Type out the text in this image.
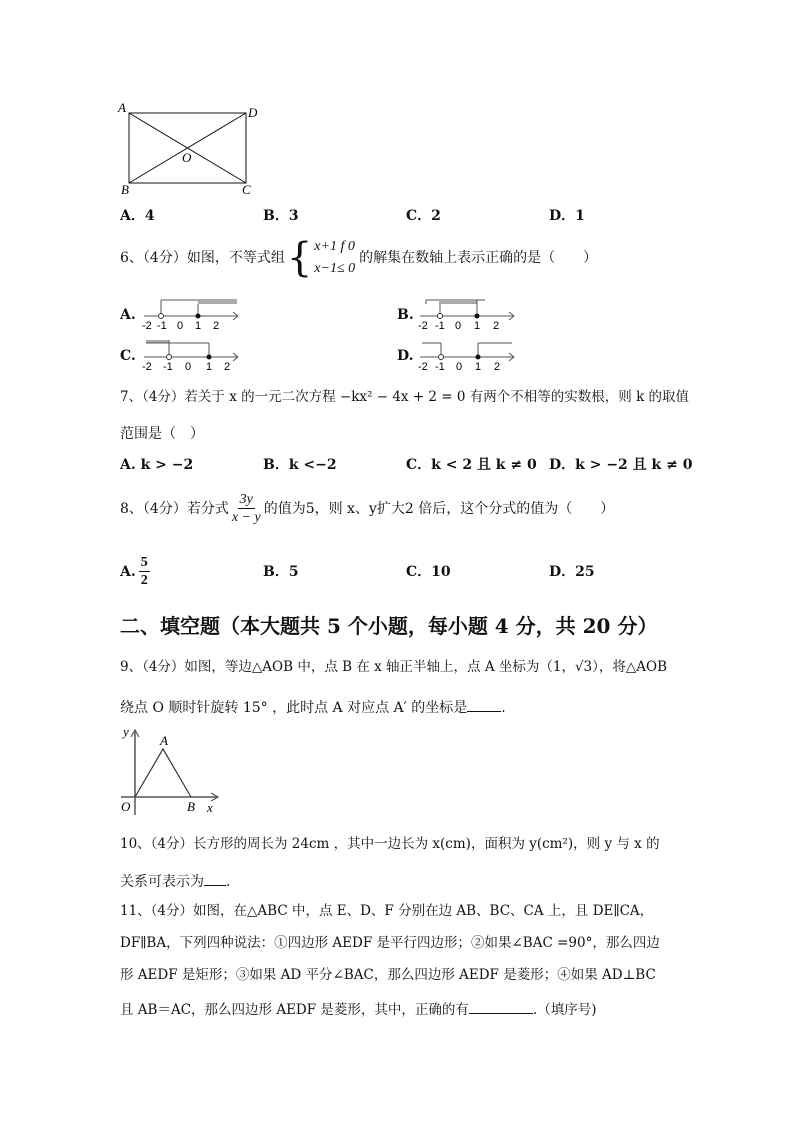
A	D
O
B	C
A．4	B．3	C．2	D．1
6、（4分）如图，不等式组 { x+1 f 0
x−1≤ 0
的解集在数轴上表示正确的是（　　）
A.	B.
C.	D.
-2 -1 0 1 2	-2 -1 0 1 2
-2 -1 0 1 2	-2 -1 0 1 2
7、（4分）若关于 x 的一元二次方程 −kx² − 4x + 2 = 0 有两个不相等的实数根，则 k 的取值
范围是（　）
A. k > −2	B．k <−2	C．k < 2 且 k ≠ 0 D．k > −2 且 k ≠ 0
8、（4分）若分式 $\frac{3y}{x - y}$ 的值为5，则 x、y扩大2 倍后，这个分式的值为（　　）
A. $\frac{5}{2}$	B．5	C．10	D．25
二、填空题（本大题共 5 个小题，每小题 4 分，共 20 分）
9、（4分）如图，等边△AOB 中，点 B 在 x 轴正半轴上，点 A 坐标为（1，√3），将△AOB
绕点 O 顺时针旋转 15° ，此时点 A 对应点 A′ 的坐标是 .
y
A
O	B x
10、（4分）长方形的周长为 24cm ，其中一边长为 x(cm)，面积为 y(cm²)，则 y 与 x 的
关系可表示为 .
11、（4分）如图，在△ABC 中，点 E、D、F 分别在边 AB、BC、CA 上，且 DE∥CA，
DF∥BA，下列四种说法：①四边形 AEDF 是平行四边形；②如果∠BAC =90°，那么四边
形 AEDF 是矩形；③如果 AD 平分∠BAC，那么四边形 AEDF 是菱形；④如果 AD⊥BC
且 AB＝AC，那么四边形 AEDF 是菱形，其中，正确的有	.（填序号)
